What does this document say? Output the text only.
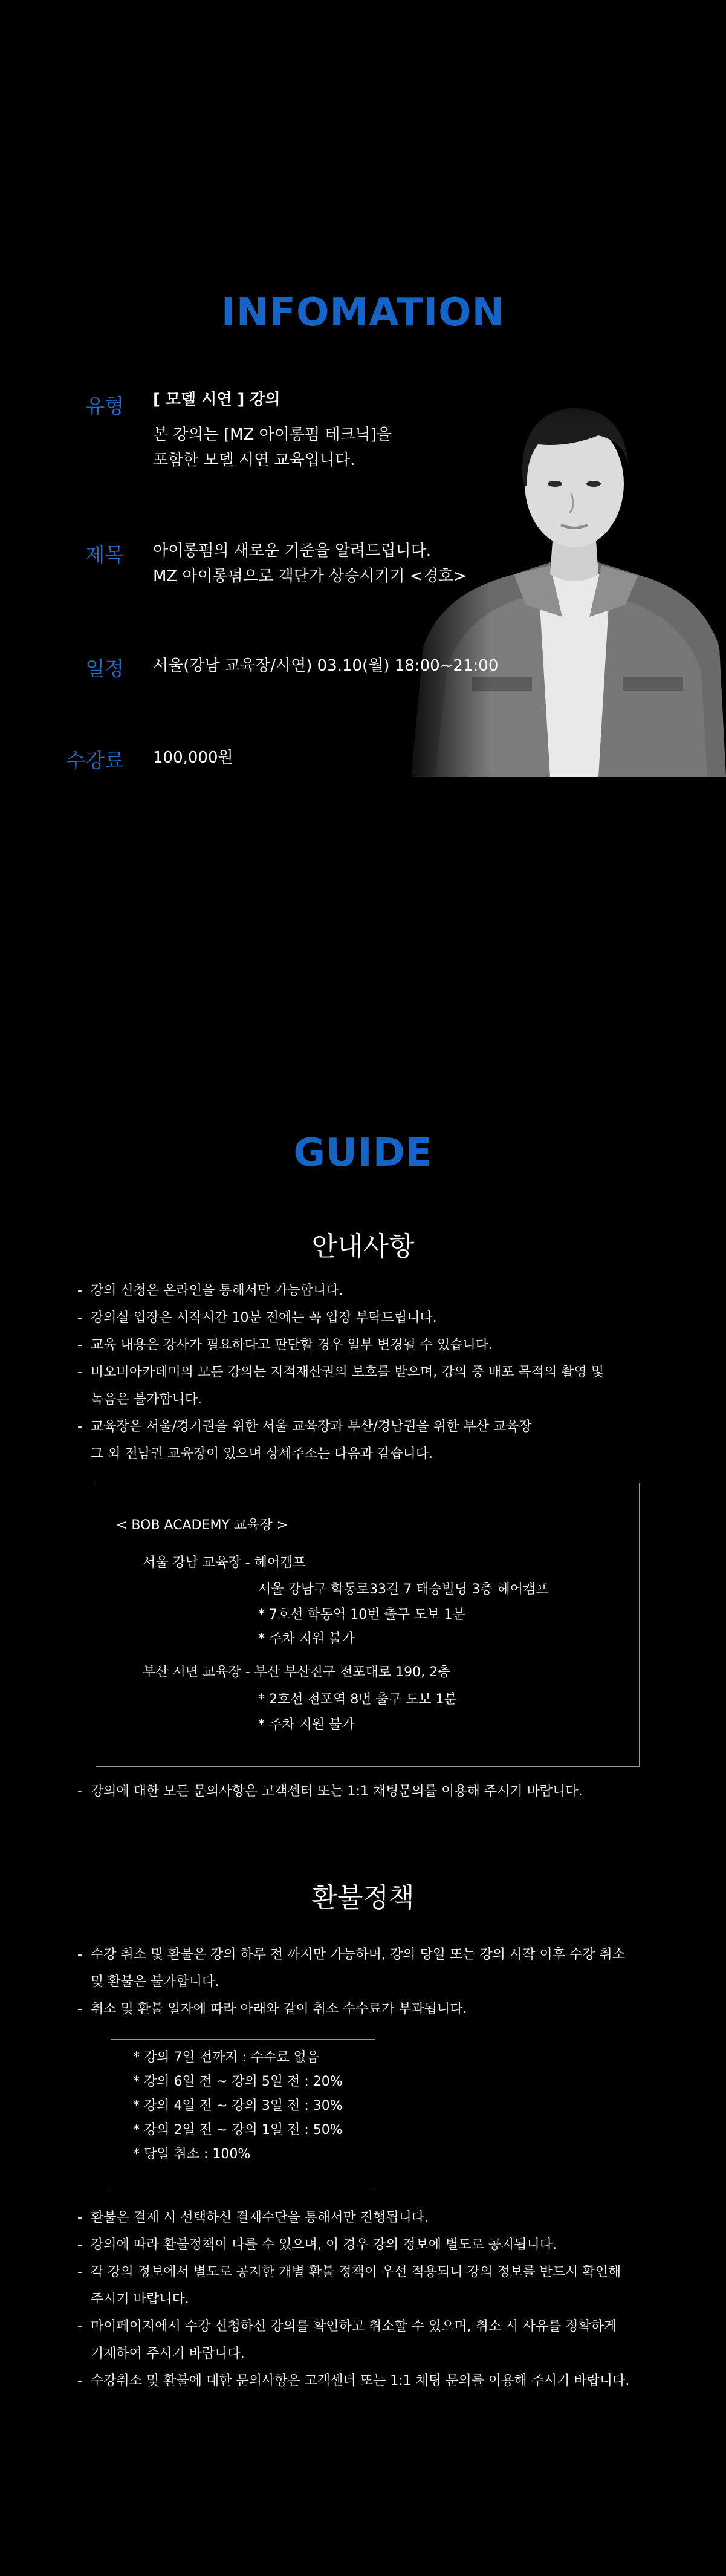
INFOMATION
유형 [ 모델 시연 ] 강의
본 강의는 [MZ 아이롱펌 테크닉]을
포함한 모델 시연 교육입니다.
제목 아이롱펌의 새로운 기준을 알려드립니다.
MZ 아이롱펌으로 객단가 상승시키기 <경호>
일정 서울(강남 교육장/시연) 03.10(월) 18:00~21:00
수강료 100,000원
GUIDE
안내사항
- 강의 신청은 온라인을 통해서만 가능합니다.
- 강의실 입장은 시작시간 10분 전에는 꼭 입장 부탁드립니다.
- 교육 내용은 강사가 필요하다고 판단할 경우 일부 변경될 수 있습니다.
- 비오비아카데미의 모든 강의는 지적재산권의 보호를 받으며, 강의 중 배포 목적의 촬영 및
녹음은 불가합니다.
- 교육장은 서울/경기권을 위한 서울 교육장과 부산/경남권을 위한 부산 교육장
그 외 전남권 교육장이 있으며 상세주소는 다음과 같습니다.
< BOB ACADEMY 교육장 >
서울 강남 교육장 - 헤어캠프
서울 강남구 학동로33길 7 태승빌딩 3층 헤어캠프
* 7호선 학동역 10번 출구 도보 1분
* 주차 지원 불가
부산 서면 교육장 - 부산 부산진구 전포대로 190, 2층
* 2호선 전포역 8번 출구 도보 1분
* 주차 지원 불가
- 강의에 대한 모든 문의사항은 고객센터 또는 1:1 채팅문의를 이용해 주시기 바랍니다.
환불정책
- 수강 취소 및 환불은 강의 하루 전 까지만 가능하며, 강의 당일 또는 강의 시작 이후 수강 취소
및 환불은 불가합니다.
- 취소 및 환불 일자에 따라 아래와 같이 취소 수수료가 부과됩니다.
* 강의 7일 전까지 : 수수료 없음
* 강의 6일 전 ~ 강의 5일 전 : 20%
* 강의 4일 전 ~ 강의 3일 전 : 30%
* 강의 2일 전 ~ 강의 1일 전 : 50%
* 당일 취소 : 100%
- 환불은 결제 시 선택하신 결제수단을 통해서만 진행됩니다.
- 강의에 따라 환불정책이 다를 수 있으며, 이 경우 강의 정보에 별도로 공지됩니다.
- 각 강의 정보에서 별도로 공지한 개별 환불 정책이 우선 적용되니 강의 정보를 반드시 확인해
주시기 바랍니다.
- 마이페이지에서 수강 신청하신 강의를 확인하고 취소할 수 있으며, 취소 시 사유를 정확하게
기재하여 주시기 바랍니다.
- 수강취소 및 환불에 대한 문의사항은 고객센터 또는 1:1 채팅 문의를 이용해 주시기 바랍니다.
